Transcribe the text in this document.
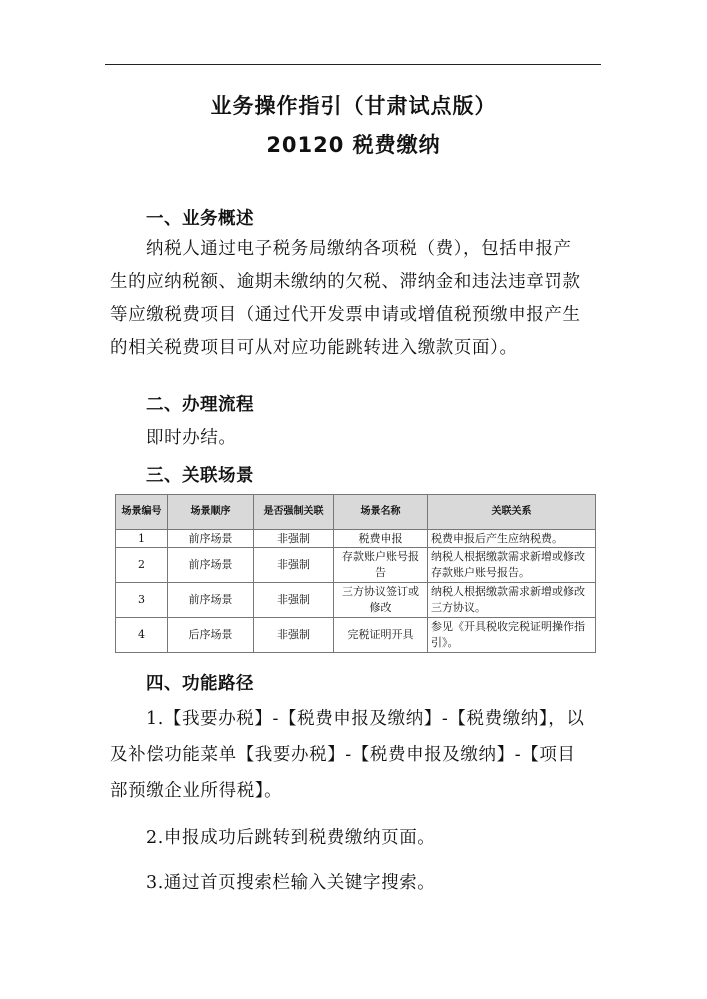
业务操作指引（甘肃试点版）
20120 税费缴纳
一、业务概述
纳税人通过电子税务局缴纳各项税（费），包括申报产
生的应纳税额、逾期未缴纳的欠税、滞纳金和违法违章罚款
等应缴税费项目（通过代开发票申请或增值税预缴申报产生
的相关税费项目可从对应功能跳转进入缴款页面）。
二、办理流程
即时办结。
三、关联场景
场景编号	场景顺序	是否强制关联	场景名称	关联关系
1	前序场景	非强制	税费申报	税费申报后产生应纳税费。
2	前序场景	非强制	存款账户账号报告	纳税人根据缴款需求新增或修改存款账户账号报告。
3	前序场景	非强制	三方协议签订或修改	纳税人根据缴款需求新增或修改三方协议。
4	后序场景	非强制	完税证明开具	参见《开具税收完税证明操作指引》。
四、功能路径
1.【我要办税】-【税费申报及缴纳】-【税费缴纳】，以
及补偿功能菜单【我要办税】-【税费申报及缴纳】-【项目
部预缴企业所得税】。
2.申报成功后跳转到税费缴纳页面。
3.通过首页搜索栏输入关键字搜索。
